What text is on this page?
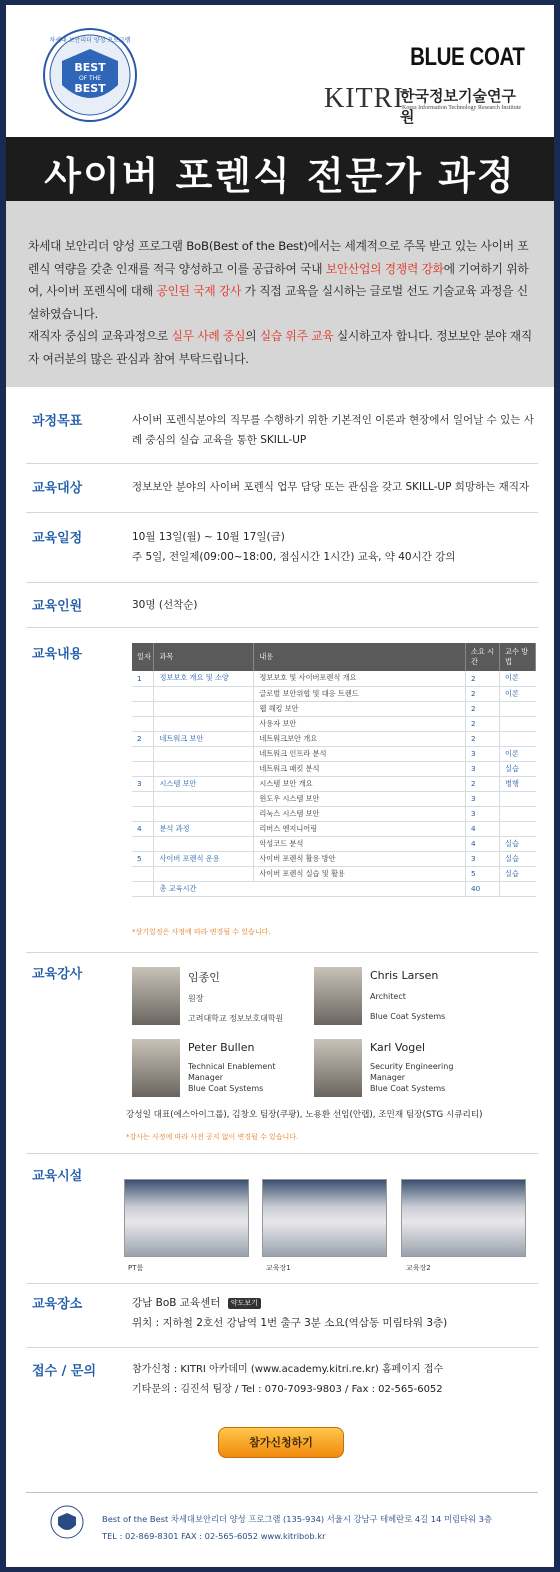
차세대 보안리더 양성 프로그램
BEST
OF THE
BEST
BLUE COAT
KITRI
한국정보기술연구원
Korea Information Technology Research Institute
사이버 포렌식 전문가 과정

차세대 보안리더 양성 프로그램 BoB(Best of the Best)에서는 세계적으로 주목 받고 있는 사이버 포렌식 역량을 갖춘 인재를 적극 양성하고 이를 공급하여 국내 보안산업의 경쟁력 강화에 기여하기 위하여, 사이버 포렌식에 대해 공인된 국제 강사 가 직접 교육을 실시하는 글로벌 선도 기술교육 과정을 신설하였습니다.

재직자 중심의 교육과정으로 실무 사례 중심의 실습 위주 교육 실시하고자 합니다. 정보보안 분야 재직자 여러분의 많은 관심과 참여 부탁드립니다.

과정목표	사이버 포렌식분야의 직무를 수행하기 위한 기본적인 이론과 현장에서 일어날 수 있는 사례 중심의 실습 교육을 통한 SKILL-UP
교육대상	정보보안 분야의 사이버 포렌식 업무 담당 또는 관심을 갖고 SKILL-UP 희망하는 재직자
교육일정	10월 13일(월) ~ 10월 17일(금)
주 5일, 전일제(09:00~18:00, 점심시간 1시간) 교육, 약 40시간 강의
교육인원	30명 (선착순)
교육내용	일자	과목	내용	소요 시간	교수 방법
1	정보보호 개요 및 소양	정보보호 및 사이버포렌식 개요	2	이론
		글로벌 보안위협 및 대응 트렌드	2	이론
		웹 해킹 보안	2	
		사용자 보안	2	
2	네트워크 보안	네트워크보안 개요	2	
		네트워크 인프라 분석	3	이론
		네트워크 패킷 분석	3	실습
3	시스템 보안	시스템 보안 개요	2	병행
		윈도우 시스템 보안	3	
		리눅스 시스템 보안	3	
4	분석 과정	리버스 엔지니어링	4	
		악성코드 분석	4	실습
5	사이버 포렌식 운용	사이버 포렌식 활용 방안	3	실습
		사이버 포렌식 실습 및 활용	5	실습
	총 교육시간		40	
*상기일정은 사정에 따라 변경될 수 있습니다.
교육강사	임종인
원장
고려대학교 정보보호대학원
Chris Larsen
Architect
Blue Coat Systems
Peter Bullen
Technical Enablement
Manager
Blue Coat Systems
Karl Vogel
Security Engineering
Manager
Blue Coat Systems
강성일 대표(에스아이그룹), 김창오 팀장(쿠팡), 노용환 선임(안랩), 조민재 팀장(STG 시큐리티)
*강사는 사정에 따라 사전 공지 없이 변경될 수 있습니다.
교육시설
PT룸	교육장1	교육장2
교육장소	강남 BoB 교육센터 약도보기
위치 : 지하철 2호선 강남역 1번 출구 3분 소요(역삼동 미림타워 3층)
접수 / 문의	참가신청 : KITRI 아카데미 (www.academy.kitri.re.kr) 홈페이지 접수
기타문의 : 김진석 팀장 / Tel : 070-7093-9803 / Fax : 02-565-6052
참가신청하기
Best of the Best 차세대보안리더 양성 프로그램 (135-934) 서울시 강남구 테헤란로 4길 14 미림타워 3층
TEL : 02-869-8301 FAX : 02-565-6052 www.kitribob.kr
